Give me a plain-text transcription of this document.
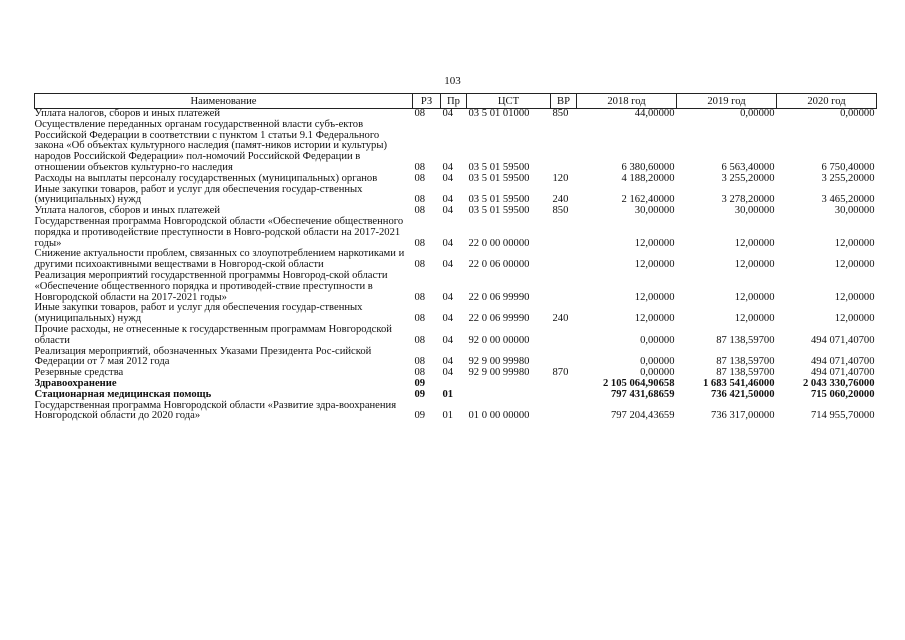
103
Наименование	РЗ	Пр	ЦСТ	ВР	2018 год	2019 год	2020 год
Уплата налогов, сборов и иных платежей	08	04	03 5 01 01000	850	44,00000	0,00000	0,00000
Осуществление переданных органам государственной власти субъ-ектов Российской Федерации в соответствии с пунктом 1 статьи 9.1 Федерального закона «Об объектах культурного наследия (памят-ников истории и культуры) народов Российской Федерации» пол-номочий Российской Федерации в отношении объектов культурно-го наследия	08	04	03 5 01 59500		6 380,60000	6 563,40000	6 750,40000
Расходы на выплаты персоналу государственных (муниципальных) органов	08	04	03 5 01 59500	120	4 188,20000	3 255,20000	3 255,20000
Иные закупки товаров, работ и услуг для обеспечения государ-ственных (муниципальных) нужд	08	04	03 5 01 59500	240	2 162,40000	3 278,20000	3 465,20000
Уплата налогов, сборов и иных платежей	08	04	03 5 01 59500	850	30,00000	30,00000	30,00000
Государственная программа Новгородской области «Обеспечение общественного порядка и противодействие преступности в Новго-родской области на 2017-2021 годы»	08	04	22 0 00 00000		12,00000	12,00000	12,00000
Снижение актуальности проблем, связанных со злоупотреблением наркотиками и другими психоактивными веществами в Новгород-ской области	08	04	22 0 06 00000		12,00000	12,00000	12,00000
Реализация мероприятий государственной программы Новгород-ской области «Обеспечение общественного порядка и противодей-ствие преступности в Новгородской области на 2017-2021 годы»	08	04	22 0 06 99990		12,00000	12,00000	12,00000
Иные закупки товаров, работ и услуг для обеспечения государ-ственных (муниципальных) нужд	08	04	22 0 06 99990	240	12,00000	12,00000	12,00000
Прочие расходы, не отнесенные к государственным программам Новгородской области	08	04	92 0 00 00000		0,00000	87 138,59700	494 071,40700
Реализация мероприятий, обозначенных Указами Президента Рос-сийской Федерации от 7 мая 2012 года	08	04	92 9 00 99980		0,00000	87 138,59700	494 071,40700
Резервные средства	08	04	92 9 00 99980	870	0,00000	87 138,59700	494 071,40700
Здравоохранение	09				2 105 064,90658	1 683 541,46000	2 043 330,76000
Стационарная медицинская помощь	09	01			797 431,68659	736 421,50000	715 060,20000
Государственная программа Новгородской области «Развитие здра-воохранения Новгородской области до 2020 года»	09	01	01 0 00 00000		797 204,43659	736 317,00000	714 955,70000
